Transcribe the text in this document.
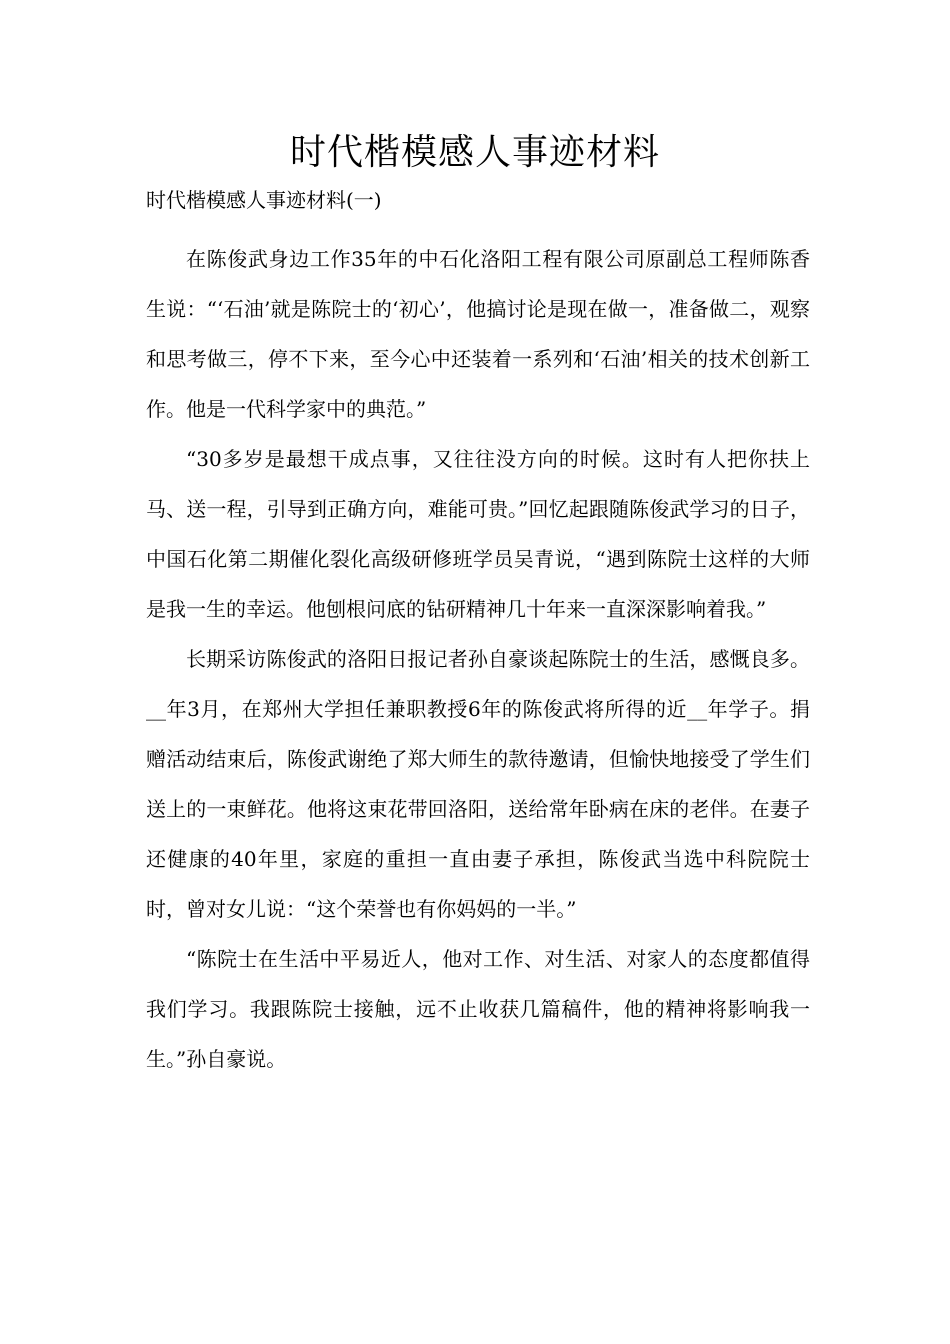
时代楷模感人事迹材料
时代楷模感人事迹材料(一)

在陈俊武身边工作35年的中石化洛阳工程有限公司原副总工程师陈香生说：“‘石油’就是陈院士的‘初心’，他搞讨论是现在做一，准备做二，观察和思考做三，停不下来，至今心中还装着一系列和‘石油’相关的技术创新工作。他是一代科学家中的典范。”

“30多岁是最想干成点事，又往往没方向的时候。这时有人把你扶上马、送一程，引导到正确方向，难能可贵。”回忆起跟随陈俊武学习的日子，中国石化第二期催化裂化高级研修班学员吴青说，“遇到陈院士这样的大师是我一生的幸运。他刨根问底的钻研精神几十年来一直深深影响着我。”

长期采访陈俊武的洛阳日报记者孙自豪谈起陈院士的生活，感慨良多。__年3月，在郑州大学担任兼职教授6年的陈俊武将所得的近__年学子。捐赠活动结束后，陈俊武谢绝了郑大师生的款待邀请，但愉快地接受了学生们送上的一束鲜花。他将这束花带回洛阳，送给常年卧病在床的老伴。在妻子还健康的40年里，家庭的重担一直由妻子承担，陈俊武当选中科院院士时，曾对女儿说：“这个荣誉也有你妈妈的一半。”

“陈院士在生活中平易近人，他对工作、对生活、对家人的态度都值得我们学习。我跟陈院士接触，远不止收获几篇稿件，他的精神将影响我一生。”孙自豪说。
